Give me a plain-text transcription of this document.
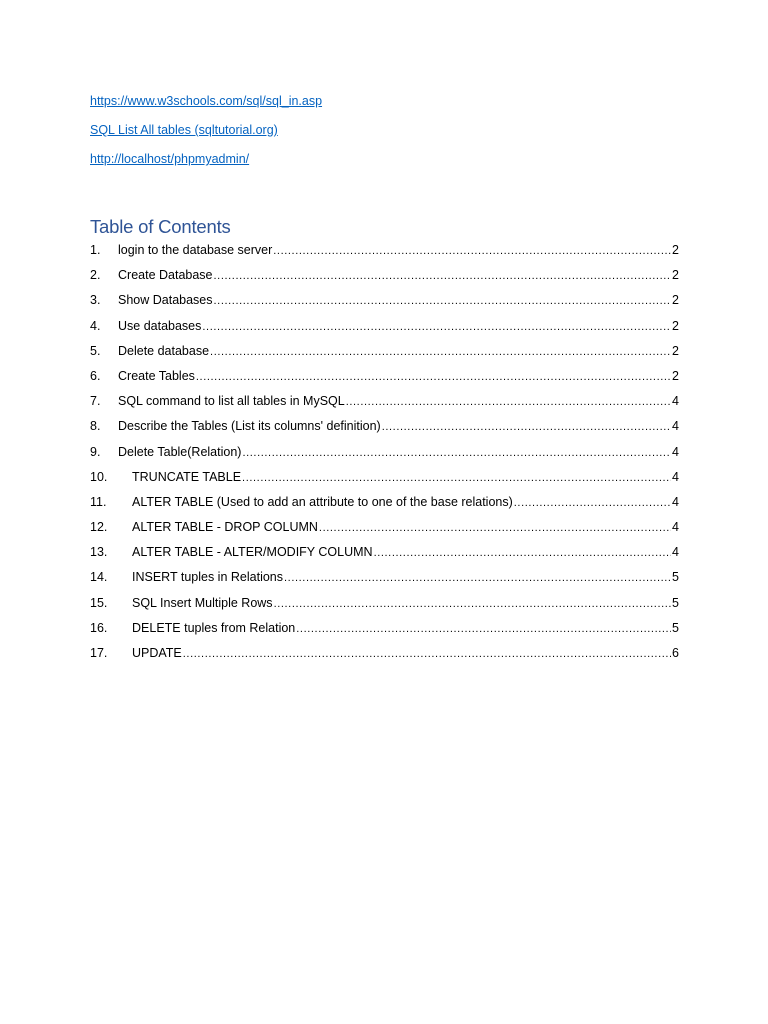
https://www.w3schools.com/sql/sql_in.asp
SQL List All tables (sqltutorial.org)
http://localhost/phpmyadmin/
Table of Contents
1.	login to the database server .....	2
2.	Create Database .....	2
3.	Show Databases .....	2
4.	Use databases .....	2
5.	Delete database .....	2
6.	Create Tables .....	2
7.	SQL command to list all tables in MySQL .....	4
8.	Describe the Tables (List its columns' definition) .....	4
9.	Delete Table(Relation) .....	4
10.	TRUNCATE TABLE .....	4
11.	ALTER TABLE (Used to add an attribute to one of the base relations) .....	4
12.	ALTER TABLE - DROP COLUMN .....	4
13.	ALTER TABLE - ALTER/MODIFY COLUMN .....	4
14.	INSERT tuples in Relations .....	5
15.	SQL Insert Multiple Rows .....	5
16.	DELETE tuples from Relation .....	5
17.	UPDATE .....	6
